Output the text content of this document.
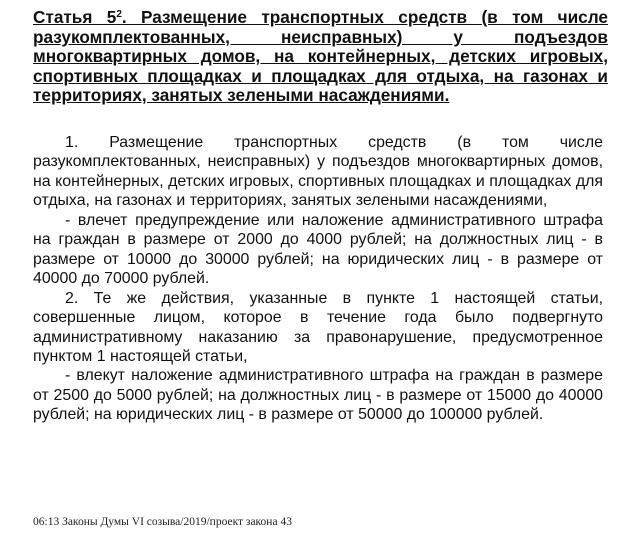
Статья $5^2$. Размещение транспортных средств (в том числе разукомплектованных, неисправных) у подъездов многоквартирных домов, на контейнерных, детских игровых, спортивных площадках и площадках для отдыха, на газонах и территориях, занятых зелеными насаждениями.

1. Размещение транспортных средств (в том числе разукомплектованных, неисправных) у подъездов многоквартирных домов, на контейнерных, детских игровых, спортивных площадках и площадках для отдыха, на газонах и территориях, занятых зелеными насаждениями,

- влечет предупреждение или наложение административного штрафа на граждан в размере от 2000 до 4000 рублей; на должностных лиц - в размере от 10000 до 30000 рублей; на юридических лиц - в размере от 40000 до 70000 рублей.

2. Те же действия, указанные в пункте 1 настоящей статьи, совершенные лицом, которое в течение года было подвергнуто административному наказанию за правонарушение, предусмотренное пунктом 1 настоящей статьи,

- влекут наложение административного штрафа на граждан в размере от 2500 до 5000 рублей; на должностных лиц - в размере от 15000 до 40000 рублей; на юридических лиц - в размере от 50000 до 100000 рублей.

06:13 Законы Думы VI созыва/2019/проект закона 43
